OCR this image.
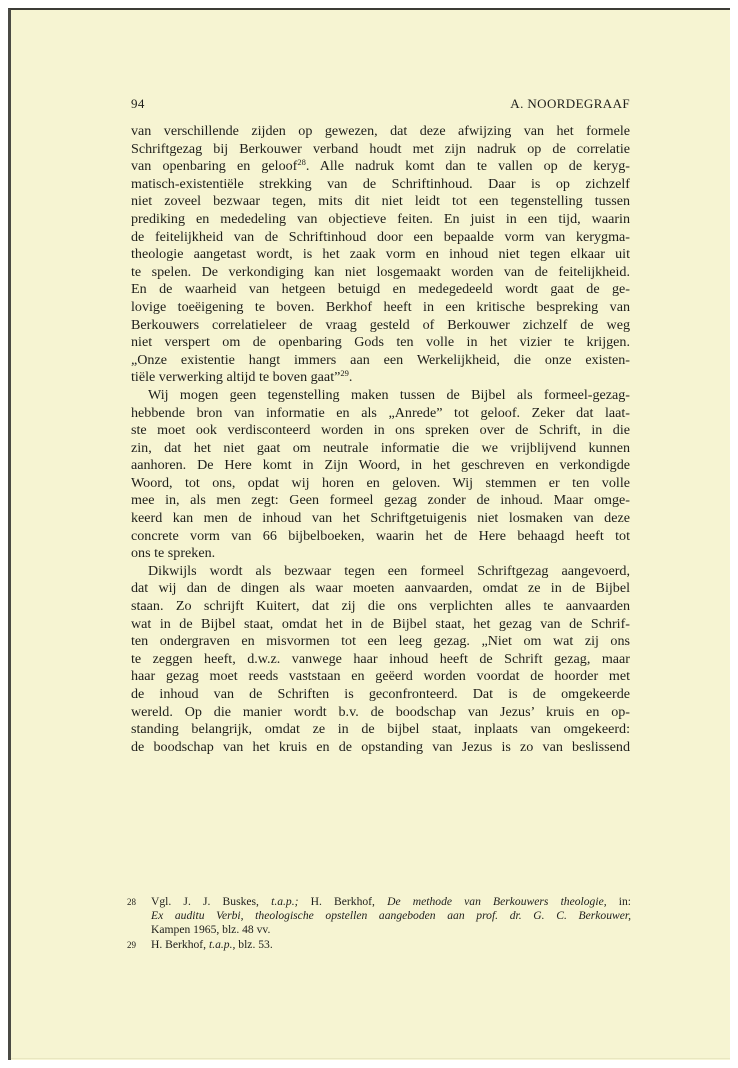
94	A. NOORDEGRAAF
van verschillende zijden op gewezen, dat deze afwijzing van het formele
Schriftgezag bij Berkouwer verband houdt met zijn nadruk op de correlatie
van openbaring en geloof$^{28}$. Alle nadruk komt dan te vallen op de keryg-
matisch-existentiële strekking van de Schriftinhoud. Daar is op zichzelf
niet zoveel bezwaar tegen, mits dit niet leidt tot een tegenstelling tussen
prediking en mededeling van objectieve feiten. En juist in een tijd, waarin
de feitelijkheid van de Schriftinhoud door een bepaalde vorm van kerygma-
theologie aangetast wordt, is het zaak vorm en inhoud niet tegen elkaar uit
te spelen. De verkondiging kan niet losgemaakt worden van de feitelijkheid.
En de waarheid van hetgeen betuigd en medegedeeld wordt gaat de ge-
lovige toeëigening te boven. Berkhof heeft in een kritische bespreking van
Berkouwers correlatieleer de vraag gesteld of Berkouwer zichzelf de weg
niet verspert om de openbaring Gods ten volle in het vizier te krijgen.
„Onze existentie hangt immers aan een Werkelijkheid, die onze existen-
tiële verwerking altijd te boven gaat”$^{29}$.
Wij mogen geen tegenstelling maken tussen de Bijbel als formeel-gezag-
hebbende bron van informatie en als „Anrede” tot geloof. Zeker dat laat-
ste moet ook verdisconteerd worden in ons spreken over de Schrift, in die
zin, dat het niet gaat om neutrale informatie die we vrijblijvend kunnen
aanhoren. De Here komt in Zijn Woord, in het geschreven en verkondigde
Woord, tot ons, opdat wij horen en geloven. Wij stemmen er ten volle
mee in, als men zegt: Geen formeel gezag zonder de inhoud. Maar omge-
keerd kan men de inhoud van het Schriftgetuigenis niet losmaken van deze
concrete vorm van 66 bijbelboeken, waarin het de Here behaagd heeft tot
ons te spreken.
Dikwijls wordt als bezwaar tegen een formeel Schriftgezag aangevoerd,
dat wij dan de dingen als waar moeten aanvaarden, omdat ze in de Bijbel
staan. Zo schrijft Kuitert, dat zij die ons verplichten alles te aanvaarden
wat in de Bijbel staat, omdat het in de Bijbel staat, het gezag van de Schrif-
ten ondergraven en misvormen tot een leeg gezag. „Niet om wat zij ons
te zeggen heeft, d.w.z. vanwege haar inhoud heeft de Schrift gezag, maar
haar gezag moet reeds vaststaan en geëerd worden voordat de hoorder met
de inhoud van de Schriften is geconfronteerd. Dat is de omgekeerde
wereld. Op die manier wordt b.v. de boodschap van Jezus’ kruis en op-
standing belangrijk, omdat ze in de bijbel staat, inplaats van omgekeerd:
de boodschap van het kruis en de opstanding van Jezus is zo van beslissend
28 Vgl. J. J. Buskes, t.a.p.; H. Berkhof, De methode van Berkouwers theologie, in:
Ex auditu Verbi, theologische opstellen aangeboden aan prof. dr. G. C. Berkouwer,
Kampen 1965, blz. 48 vv.
29 H. Berkhof, t.a.p., blz. 53.
